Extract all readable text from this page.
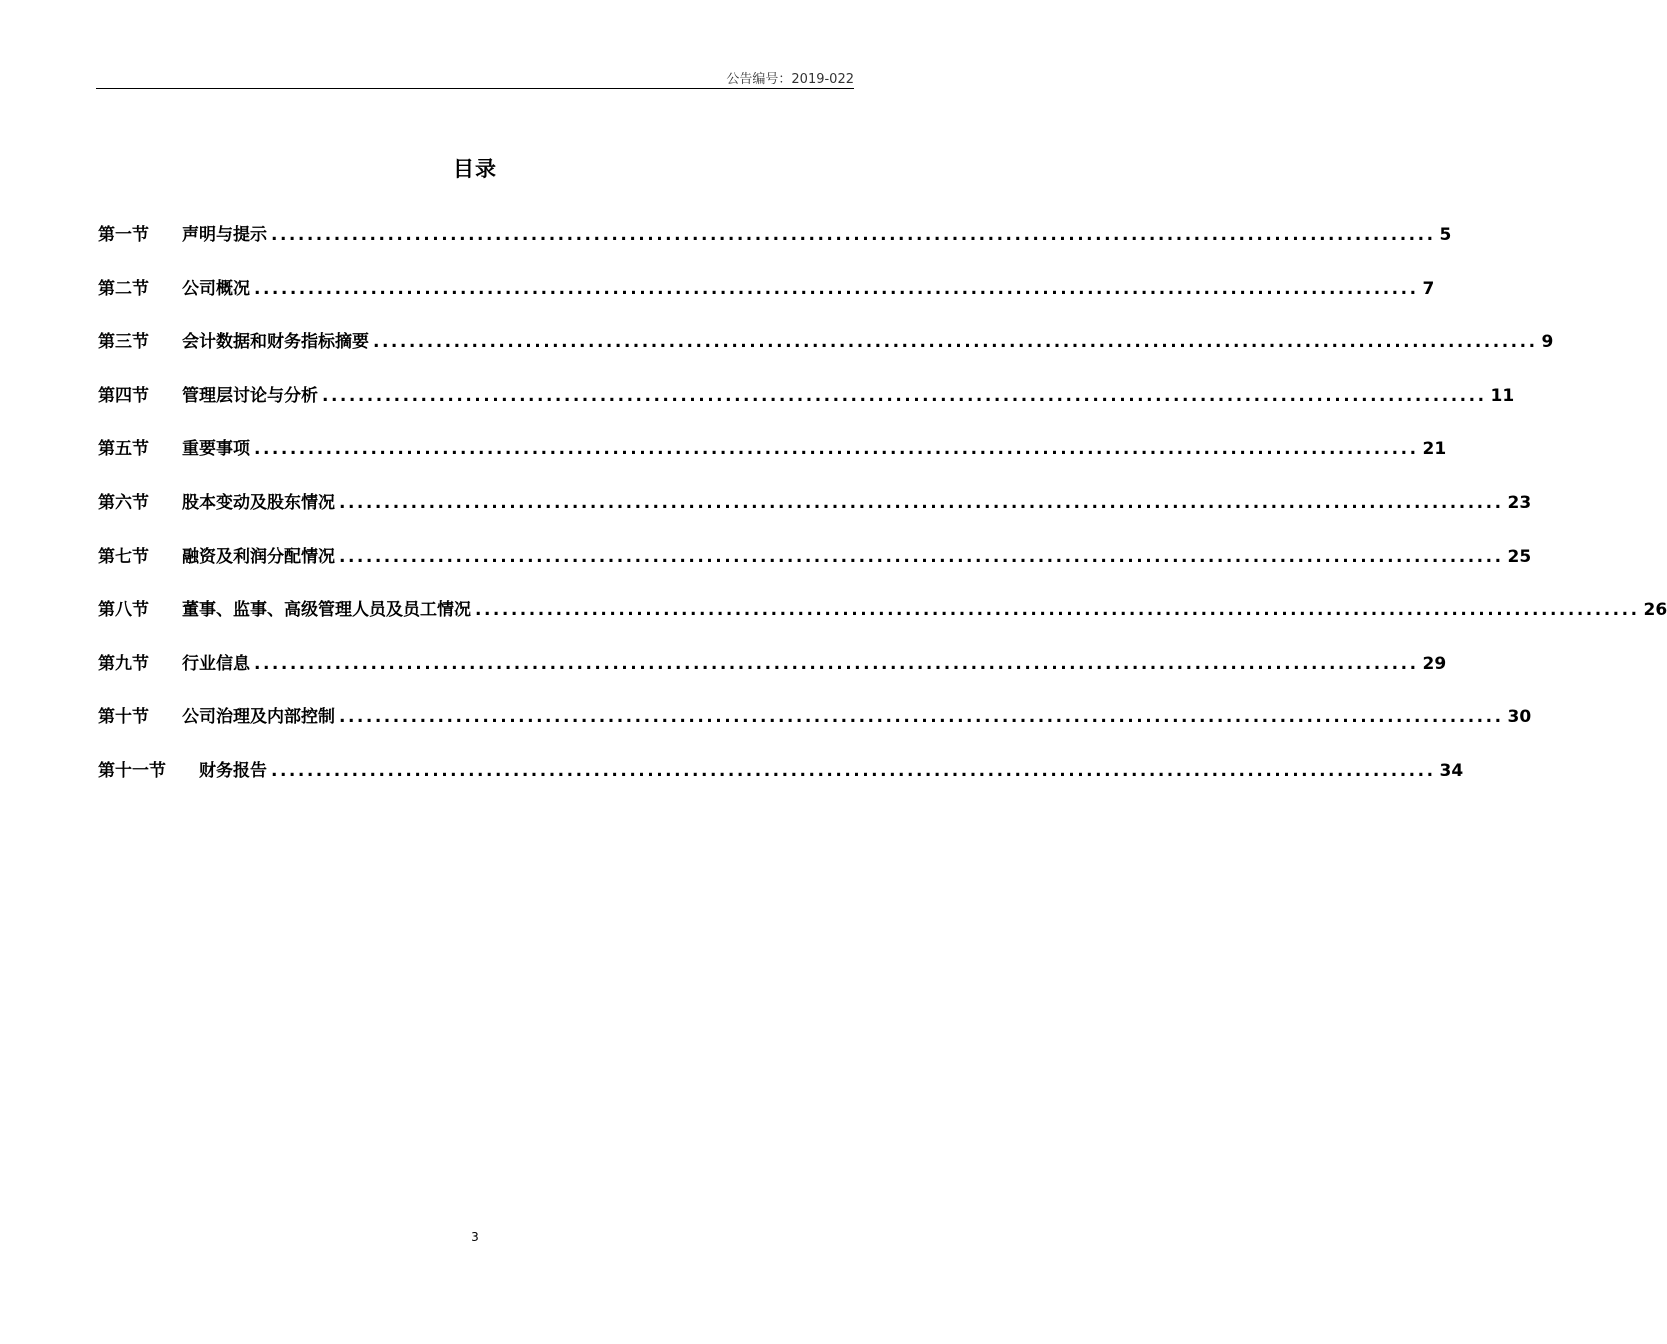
公告编号：2019-022
目录
第一节	声明与提示 .................................................................................................................................. 5
第二节	公司概况 .................................................................................................................................. 7
第三节	会计数据和财务指标摘要 .................................................................................................................................. 9
第四节	管理层讨论与分析 .................................................................................................................................. 11
第五节	重要事项 .................................................................................................................................. 21
第六节	股本变动及股东情况 .................................................................................................................................. 23
第七节	融资及利润分配情况 .................................................................................................................................. 25
第八节	董事、监事、高级管理人员及员工情况 .................................................................................................................................. 26
第九节	行业信息 .................................................................................................................................. 29
第十节	公司治理及内部控制 .................................................................................................................................. 30
第十一节	财务报告 .................................................................................................................................. 34
3
